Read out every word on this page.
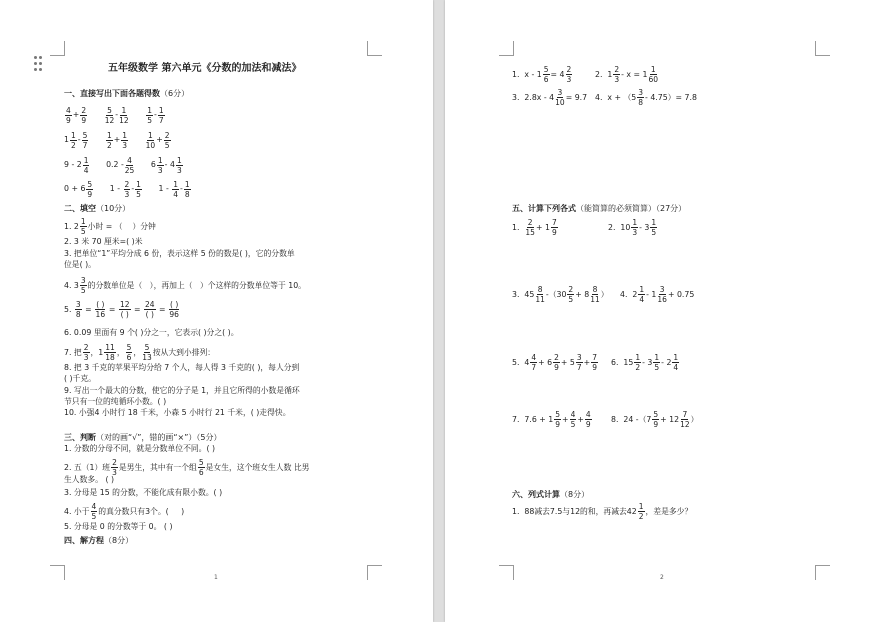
五年级数学 第六单元《分数的加法和减法》
一、直接写出下面各题得数（6分）
$\frac{4}{9} + \frac{2}{9}$
   $\frac{5}{12} - \frac{1}{12}$
   $\frac{1}{5} - \frac{1}{7}$
$1 \frac{1}{2} - \frac{5}{7}$
   $\frac{1}{2} + \frac{1}{3}$
   $\frac{1}{10} + \frac{2}{5}$
$9 - 2 \frac{1}{4}$
   $0.2 - \frac{4}{25}$
   $6 \frac{1}{3} - 4 \frac{1}{3}$
$0 + 6 \frac{5}{9}$
   $1 - \frac{2}{3} - \frac{1}{5}$
   $1 - \frac{1}{4} - \frac{1}{8}$
二、填空（10分）
1. $2 \frac{1}{5}$ 小时 = （    ）分钟
2. 3 米 70 厘米=( )米
3. 把单位“1”平均分成 6 份，表示这样 5 份的数是( )，它的分数单
位是( )。
4. $3 \frac{3}{5}$ 的分数单位是（   ），再加上（   ）个这样的分数单位等于 10。
5. $\frac{3}{8}$ = ( )
16
= 12
( )
= 24
( )
= ( )
96
6. 0.09 里面有 9 个( )分之一，它表示( )分之( )。
7. 把 $\frac{2}{3}$ ，$1 \frac{11}{18}$ ， $\frac{5}{6}$ ， $\frac{5}{13}$ 按从大到小排列：
8. 把 3 千克的苹果平均分给 7 个人，每人得 3 千克的( )，每人分到
( )千克。
9. 写出一个最大的分数，使它的分子是 1，并且它所得的小数是循环
节只有一位的纯循环小数。( )
10. 小强4 小时行 18 千米，小森 5 小时行 21 千米，( )走得快。
三、判断（对的画“√”，错的画“×”）（5分）
1. 分数的分母不同，就是分数单位不同。( )
2. 五（1）班 $\frac{2}{3}$ 是男生，其中有一个组 $\frac{5}{6}$ 是女生，这个班女生人数 比男
生人数多。 ( )
3. 分母是 15 的分数，不能化成有限小数。( )
4. 小于 $\frac{4}{5}$ 的真分数只有3个。(     )
5. 分母是 0 的分数等于 0。 ( )
四、解方程（8分）
1
1.  $x - 1 \frac{5}{6} = 4 \frac{2}{3}$	2.  $1 \frac{2}{3} - x = 1 \frac{1}{60}$
3.  $2.8x - 4 \frac{3}{10} = 9.7$ 4.  $x + (5 \frac{3}{8} - 4.75)= 7.8$
五、计算下列各式（能简算的必须简算）（27分）
1. $\frac{2}{15} + 1 \frac{7}{9}$	2.  $10 \frac{1}{3} - 3 \frac{1}{5}$
3.  $45 \frac{8}{11} -(30 \frac{2}{5} + 8 \frac{8}{11}$ ） 4.  $2 \frac{1}{4} - 1 \frac{3}{16} + 0.75$
5.  $4 \frac{4}{7} + 6 \frac{2}{9} + 5 \frac{3}{7} + \frac{7}{9} 6$.  $15 \frac{1}{2} - 3 \frac{1}{5} - 2 \frac{1}{4}$
7.  $7.6 + 1 \frac{5}{9} + \frac{4}{5} + \frac{4}{9} 8$.  24 $-(7 \frac{5}{9} + 12 \frac{7}{12}$ ）
六、列式计算（8分）
1.  88减去7.5与12的和，再减去$42 \frac{1}{2}$ ，差是多少？
2
